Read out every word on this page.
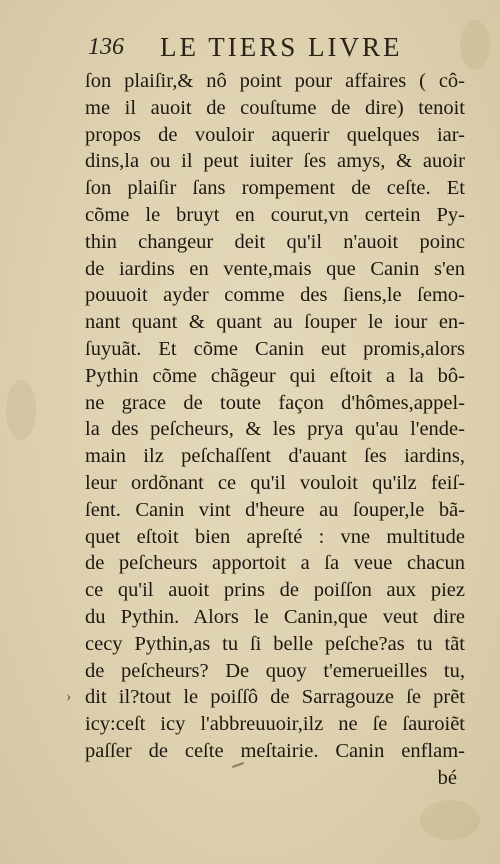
136 LE TIERS LIVRE
ſon plaiſir,& nô point pour affaires ( cô-
me il auoit de couſtume de dire) tenoit
propos de vouloir aquerir quelques iar-
dins,la ou il peut iuiter ſes amys, & auoir
ſon plaiſir ſans rompement de ceſte. Et
cõme le bruyt en courut,vn certein Py-
thin changeur deit qu'il n'auoit poinc
de iardins en vente,mais que Canin s'en
pouuoit ayder comme des ſiens,le ſemo-
nant quant & quant au ſouper le iour en-
ſuyuãt. Et cõme Canin eut promis,alors
Pythin cõme chãgeur qui eſtoit a la bô-
ne grace de toute façon d'hômes,appel-
la des peſcheurs, & les prya qu'au l'ende-
main ilz peſchaſſent d'auant ſes iardins,
leur ordõnant ce qu'il vouloit qu'ilz feiſ-
ſent. Canin vint d'heure au ſouper,le bã-
quet eſtoit bien apreſté : vne multitude
de peſcheurs apportoit a ſa veue chacun
ce qu'il auoit prins de poiſſon aux piez
du Pythin. Alors le Canin,que veut dire
cecy Pythin,as tu ſi belle peſche?as tu tãt
de peſcheurs? De quoy t'emerueilles tu,
dit il?tout le poiſſô de Sarragouze ſe prẽt
icy:ceſt icy l'abbreuuoir,ilz ne ſe ſauroiẽt
paſſer de ceſte meſtairie. Canin enflam-
bé
›
